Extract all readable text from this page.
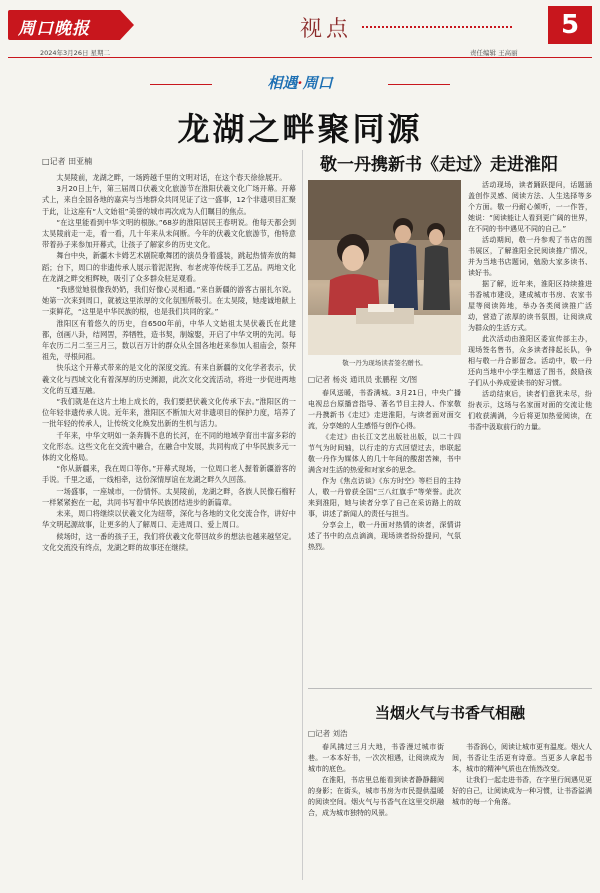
周口晚报	视点	5
2024年3月26日 星期二	责任编辑 王高丽
相遇·周口
龙湖之畔聚同源
□记者 田亚楠

太昊陵前，龙湖之畔，一场跨越千里的文明对话，在这个春天徐徐展开。

3月20日上午，第三届周口伏羲文化旅游节在淮阳伏羲文化广场开幕。开幕式上，来自全国各地的嘉宾与当地群众共同见证了这一盛事，12个非遗项目汇聚于此，让这座有“人文始祖”美誉的城市再次成为人们瞩目的焦点。

“在这里能看到中华文明的根脉。”68岁的淮阳居民王春明说。他每天都会到太昊陵前走一走，看一看，几十年来从未间断。今年的伏羲文化旅游节，他特意带着孙子来参加开幕式，让孩子了解家乡的历史文化。

舞台中央，新疆木卡姆艺术剧院歌舞团的演员身着盛装，跳起热情奔放的舞蹈；台下，周口的非遗传承人展示着泥泥狗、布老虎等传统手工艺品。两地文化在龙湖之畔交相辉映，吸引了众多群众驻足观看。

“我感觉她很像我奶奶，我们好像心灵相通。”来自新疆的游客古丽扎尔说。她第一次来到周口，就被这里浓厚的文化氛围所吸引。在太昊陵，她虔诚地献上一束鲜花，“这里是中华民族的根，也是我们共同的家。”

淮阳区有着悠久的历史，自6500年前，中华人文始祖太昊伏羲氏在此建都，创画八卦，结网罟，养牺牲，造书契，制嫁娶，开启了中华文明的先河。每年农历二月二至三月三，数以百万计的群众从全国各地赶来参加人祖庙会，祭拜祖先，寻根问祖。

快乐这个开幕式带来的是文化的深度交流。有来自新疆的文化学者表示，伏羲文化与西域文化有着深厚的历史渊源，此次文化交流活动，将进一步促进两地文化的互通互融。

“我们就是在这片土地上成长的，我们要把伏羲文化传承下去。”淮阳区的一位年轻非遗传承人说。近年来，淮阳区不断加大对非遗项目的保护力度，培养了一批年轻的传承人，让传统文化焕发出新的生机与活力。

千年来，中华文明如一条奔腾不息的长河，在不同的地域孕育出丰富多彩的文化形态。这些文化在交流中融合，在融合中发展，共同构成了中华民族多元一体的文化格局。

“你从新疆来，我在周口等你。”开幕式现场，一位周口老人握着新疆游客的手说。千里之遥，一线相牵，这份深情厚谊在龙湖之畔久久回荡。

一场盛事，一座城市，一份情怀。太昊陵前，龙湖之畔，各族人民像石榴籽一样紧紧抱在一起，共同书写着中华民族团结进步的新篇章。

未来，周口将继续以伏羲文化为纽带，深化与各地的文化交流合作，讲好中华文明起源故事，让更多的人了解周口、走进周口、爱上周口。

候场时，这一番的孩子王，我们将伏羲文化带回故乡的想法也越来越坚定。文化交流没有终点，龙湖之畔的故事还在继续。

敬一丹携新书《走过》走进淮阳
敬一丹为现场读者签名赠书。
□记者 杨炎 通讯员 张鹏程 文/图

春风送暖，书香满城。3月21日，中央广播电视总台原播音指导、著名节目主持人、作家敬一丹携新书《走过》走进淮阳，与读者面对面交流，分享她的人生感悟与创作心得。

《走过》由长江文艺出版社出版，以二十四节气为时间轴，以行走的方式回望过去，串联起敬一丹作为媒体人的几十年间的酸甜苦辣，书中满含对生活的热爱和对家乡的思念。

作为《焦点访谈》《东方时空》等栏目的主持人，敬一丹曾获全国“三八红旗手”等荣誉。此次来到淮阳，她与读者分享了自己在采访路上的故事，讲述了新闻人的责任与担当。

分享会上，敬一丹面对热情的读者，深情讲述了书中的点点滴滴，现场读者纷纷提问，气氛热烈。

活动现场，读者踊跃提问，话题涵盖创作灵感、阅读方法、人生选择等多个方面。敬一丹耐心倾听，一一作答，她说：“阅读能让人看到更广阔的世界，在不同的书中遇见不同的自己。”

活动期间，敬一丹参观了书店的图书展区，了解淮阳全民阅读推广情况，并为当地书店题词，勉励大家多读书、读好书。

据了解，近年来，淮阳区持续推进书香城市建设，建成城市书房、农家书屋等阅读阵地，举办各类阅读推广活动，营造了浓厚的读书氛围，让阅读成为群众的生活方式。

此次活动由淮阳区委宣传部主办，现场签名售书，众多读者排起长队，争相与敬一丹合影留念。活动中，敬一丹还向当地中小学生赠送了图书，鼓励孩子们从小养成爱读书的好习惯。

活动结束后，读者们意犹未尽，纷纷表示，这场与名家面对面的交流让他们收获满满，今后将更加热爱阅读，在书香中汲取前行的力量。

当烟火气与书香气相融
□记者 刘浩

春风拂过三月大地，书香漫过城市街巷。一本本好书，一次次相遇，让阅读成为城市的底色。

在淮阳，书店里总能看到读者静静翻阅的身影；在街头，城市书房为市民提供温暖的阅读空间。烟火气与书香气在这里交织融合，成为城市独特的风景。

书香润心，阅读让城市更有温度。烟火人间，书香让生活更有诗意。当更多人拿起书本，城市的精神气质也在悄然改变。

让我们一起走进书香，在字里行间遇见更好的自己，让阅读成为一种习惯，让书香溢满城市的每一个角落。
